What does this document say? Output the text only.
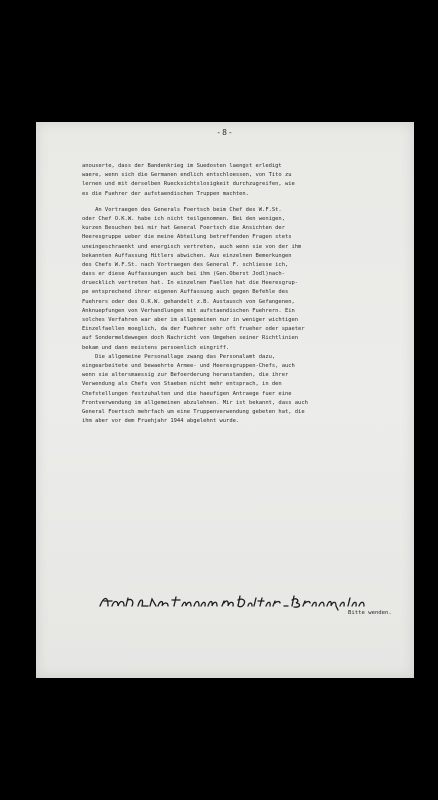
-8-
anouserte, dass der Bandenkrieg im Suedosten laengst erledigt
waere, wenn sich die Germanen endlich entschloessen, von Tito zu
lernen und mit derselben Ruecksichtslosigkeit durchzugreifen, wie
es die Fuehrer der aufstaendischen Truppen machten.
An Vortraegen des Generals Foertsch beim Chef des W.F.St.
oder Chef O.K.W. habe ich nicht teilgenommen. Bei den wenigen,
kurzen Besuchen bei mir hat General Foertsch die Ansichten der
Heeresgruppe ueber die meine Abteilung betreffenden Fragen stets
uneingeschraenkt und energisch vertreten, auch wenn sie von der ihm
bekannten Auffassung Hitlers abwichen. Aus einzelnen Bemerkungen
des Chefs W.F.St. nach Vortraegen des General F. schliesse ich,
dass er diese Auffassungen auch bei ihm (Gen.Oberst Jodl)nach-
druecklich vertreten hat. In einzelnen Faellen hat die Heeresgrup-
pe entsprechend ihrer eigenen Auffassung auch gegen Befehle des
Fuehrers oder des O.K.W. gehandelt z.B. Austausch von Gefangenen,
Anknuepfungen von Verhandlungen mit aufstaendischen Fuehrern. Ein
solches Verfahren war aber im allgemeinen nur in weniger wichtigen
Einzelfaellen moeglich, da der Fuehrer sehr oft frueher oder spaeter
auf Sondermeldewegen doch Nachricht von Umgehen seiner Richtlinien
bekam und dann meistens persoenlich eingriff.
Die allgemeine Personallage zwang das Personalamt dazu,
eingearbeitete und bewaehrte Armee- und Heeresgruppen-Chefs, auch
wenn sie altersmaessig zur Befoerderung heranstanden, die ihrer
Verwendung als Chefs von Staeben nicht mehr entsprach, in den
Chefstellungen festzuhalten und die haeufigen Antraege fuer eine
Frontverwendung im allgemeinen abzulehnen. Mir ist bekannt, dass auch
General Foertsch mehrfach um eine Truppenverwendung gebeten hat, die
ihm aber vor dem Fruehjahr 1944 abgelehnt wurde.
Bitte wenden.
